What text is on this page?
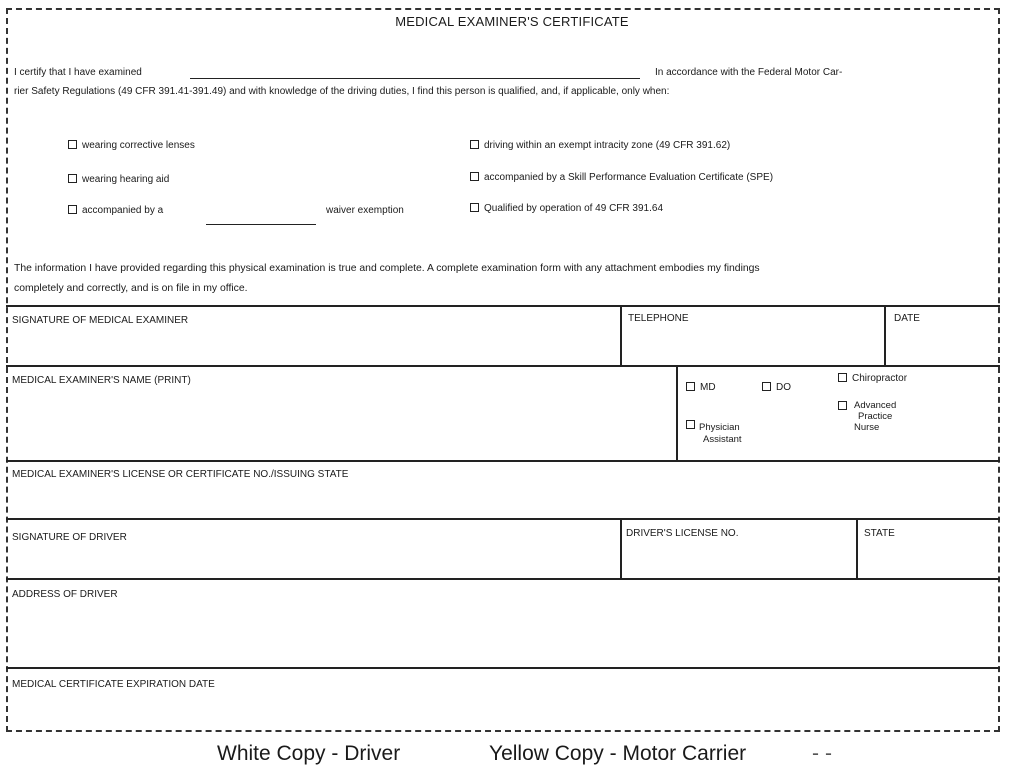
MEDICAL EXAMINER'S CERTIFICATE
I certify that I have examined	In accordance with the Federal Motor Car-
rier Safety Regulations (49 CFR 391.41-391.49) and with knowledge of the driving duties, I find this person is qualified, and, if applicable, only when:
wearing corrective lenses
wearing hearing aid
accompanied by a	waiver exemption
driving within an exempt intracity zone (49 CFR 391.62)
accompanied by a Skill Performance Evaluation Certificate (SPE)
Qualified by operation of 49 CFR 391.64
The information I have provided regarding this physical examination is true and complete. A complete examination form with any attachment embodies my findings
completely and correctly, and is on file in my office.
SIGNATURE OF MEDICAL EXAMINER	TELEPHONE	DATE
MEDICAL EXAMINER'S NAME (PRINT)
MD	DO
Chiropractor
Advanced
Practice
Nurse
Physician
Assistant
MEDICAL EXAMINER'S LICENSE OR CERTIFICATE NO./ISSUING STATE
SIGNATURE OF DRIVER	DRIVER'S LICENSE NO.	STATE
ADDRESS OF DRIVER
MEDICAL CERTIFICATE EXPIRATION DATE
White Copy - Driver	Yellow Copy - Motor Carrier	--
